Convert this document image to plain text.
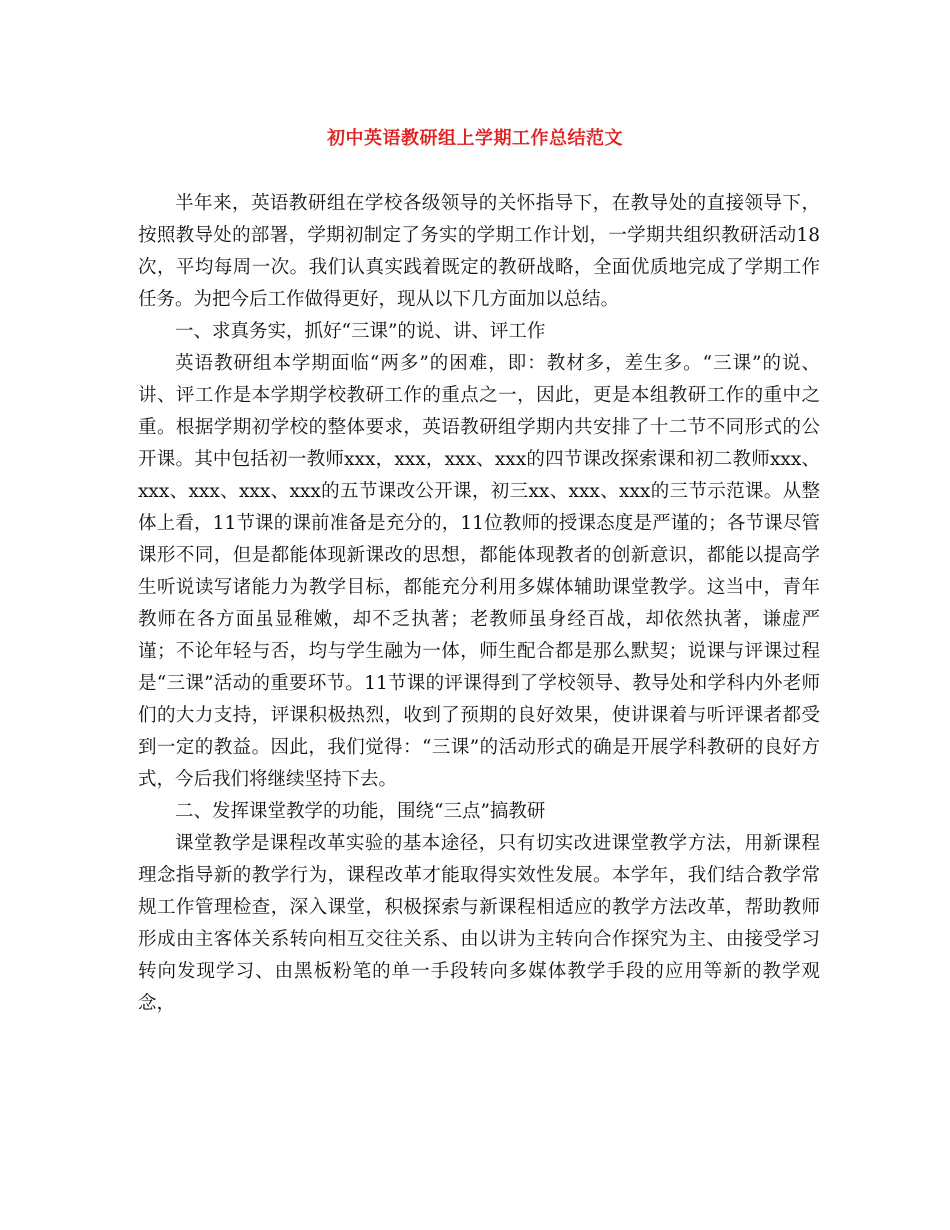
初中英语教研组上学期工作总结范文

半年来，英语教研组在学校各级领导的关怀指导下，在教导处的直接领导下，按照教导处的部署，学期初制定了务实的学期工作计划，一学期共组织教研活动18次，平均每周一次。我们认真实践着既定的教研战略，全面优质地完成了学期工作任务。为把今后工作做得更好，现从以下几方面加以总结。

一、求真务实，抓好“三课”的说、讲、评工作

英语教研组本学期面临“两多”的困难，即：教材多，差生多。“三课”的说、讲、评工作是本学期学校教研工作的重点之一，因此，更是本组教研工作的重中之重。根据学期初学校的整体要求，英语教研组学期内共安排了十二节不同形式的公开课。其中包括初一教师xxx，xxx，xxx、xxx的四节课改探索课和初二教师xxx、xxx、xxx、xxx、xxx的五节课改公开课，初三xx、xxx、xxx的三节示范课。从整体上看，11节课的课前准备是充分的，11位教师的授课态度是严谨的；各节课尽管课形不同，但是都能体现新课改的思想，都能体现教者的创新意识，都能以提高学生听说读写诸能力为教学目标，都能充分利用多媒体辅助课堂教学。这当中，青年教师在各方面虽显稚嫩，却不乏执著；老教师虽身经百战，却依然执著，谦虚严谨；不论年轻与否，均与学生融为一体，师生配合都是那么默契；说课与评课过程是“三课”活动的重要环节。11节课的评课得到了学校领导、教导处和学科内外老师们的大力支持，评课积极热烈，收到了预期的良好效果，使讲课着与听评课者都受到一定的教益。因此，我们觉得：“三课”的活动形式的确是开展学科教研的良好方式，今后我们将继续坚持下去。

二、发挥课堂教学的功能，围绕“三点”搞教研

课堂教学是课程改革实验的基本途径，只有切实改进课堂教学方法，用新课程理念指导新的教学行为，课程改革才能取得实效性发展。本学年，我们结合教学常规工作管理检查，深入课堂，积极探索与新课程相适应的教学方法改革，帮助教师形成由主客体关系转向相互交往关系、由以讲为主转向合作探究为主、由接受学习转向发现学习、由黑板粉笔的单一手段转向多媒体教学手段的应用等新的教学观念，
